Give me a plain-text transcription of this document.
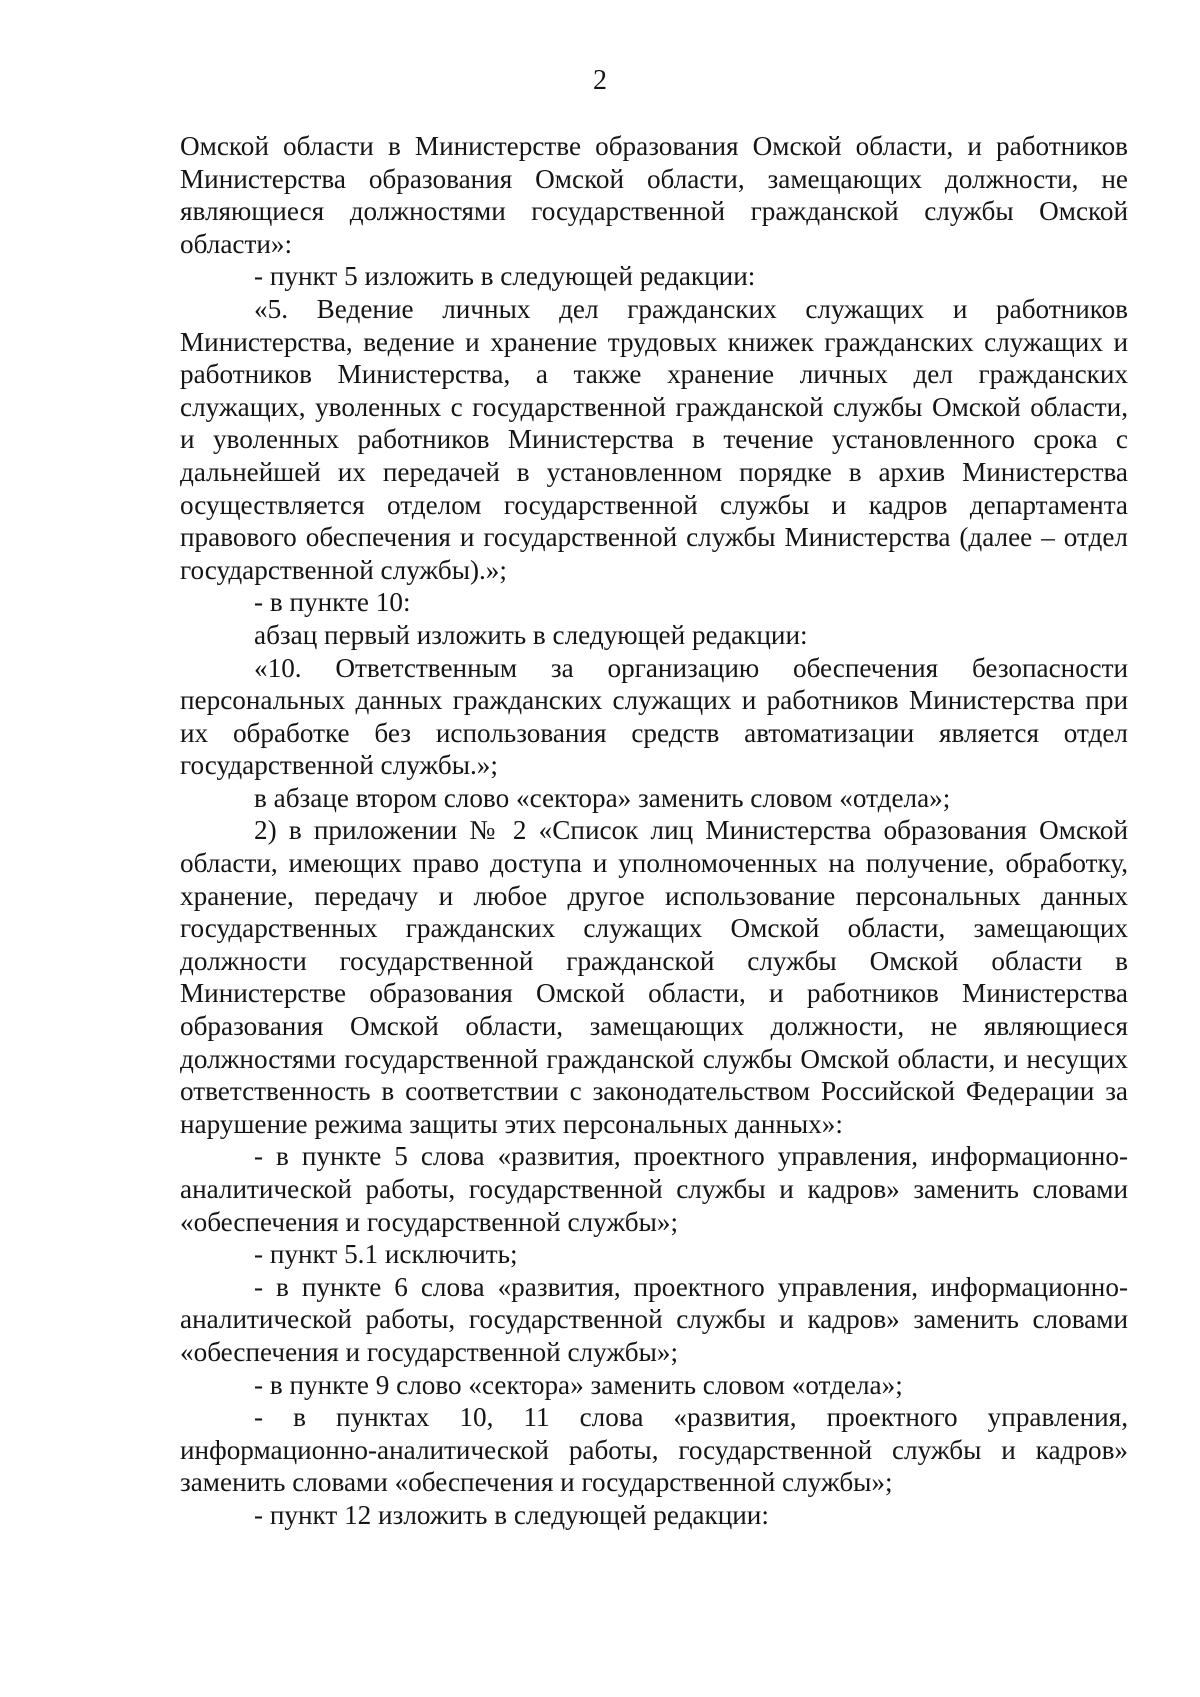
2

Омской области в Министерстве образования Омской области, и работников Министерства образования Омской области, замещающих должности, не являющиеся должностями государственной гражданской службы Омской области»:

- пункт 5 изложить в следующей редакции:

«5. Ведение личных дел гражданских служащих и работников Министерства, ведение и хранение трудовых книжек гражданских служащих и работников Министерства, а также хранение личных дел гражданских служащих, уволенных с государственной гражданской службы Омской области, и уволенных работников Министерства в течение установленного срока с дальнейшей их передачей в установленном порядке в архив Министерства осуществляется отделом государственной службы и кадров департамента правового обеспечения и государственной службы Министерства (далее – отдел государственной службы).»;

- в пункте 10:

абзац первый изложить в следующей редакции:

«10. Ответственным за организацию обеспечения безопасности персональных данных гражданских служащих и работников Министерства при их обработке без использования средств автоматизации является отдел государственной службы.»;

в абзаце втором слово «сектора» заменить словом «отдела»;

2) в приложении № 2 «Список лиц Министерства образования Омской области, имеющих право доступа и уполномоченных на получение, обработку, хранение, передачу и любое другое использование персональных данных государственных гражданских служащих Омской области, замещающих должности государственной гражданской службы Омской области в Министерстве образования Омской области, и работников Министерства образования Омской области, замещающих должности, не являющиеся должностями государственной гражданской службы Омской области, и несущих ответственность в соответствии с законодательством Российской Федерации за нарушение режима защиты этих персональных данных»:

- в пункте 5 слова «развития, проектного управления, информационно-аналитической работы, государственной службы и кадров» заменить словами «обеспечения и государственной службы»;

- пункт 5.1 исключить;

- в пункте 6 слова «развития, проектного управления, информационно-аналитической работы, государственной службы и кадров» заменить словами «обеспечения и государственной службы»;

- в пункте 9 слово «сектора» заменить словом «отдела»;

- в пунктах 10, 11 слова «развития, проектного управления, информационно-аналитической работы, государственной службы и кадров» заменить словами «обеспечения и государственной службы»;

- пункт 12 изложить в следующей редакции:
